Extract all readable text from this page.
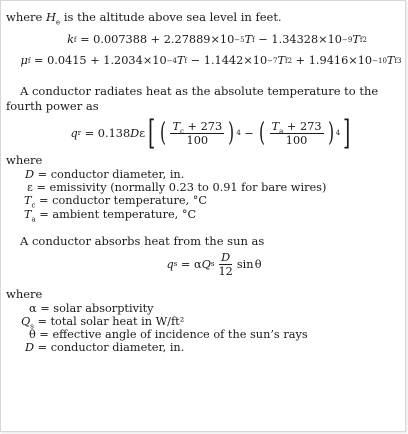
where $H_e$ is the altitude above sea level in feet.

k f = 0.007388 + 2.27889 ×10 −5 T f − 1.34328 ×10 −9 T f 2
μ f = 0.0415 + 1.2034 ×10 −4 T f − 1.1442 ×10 −7 T f 2 + 1.9416 ×10 −10 T f 3

A conductor radiates heat as the absolute temperature to the fourth power as

q r = 0.138 D ε [ ( $\frac{T_c + 273}{100}$ ) 4 − ( $\frac{T_a + 273}{100}$ ) 4 ]

where

D = conductor diameter, in.
ε = emissivity (normally 0.23 to 0.91 for bare wires)
$T_c$ = conductor temperature, °C
$T_a$ = ambient temperature, °C

A conductor absorbs heat from the sun as

q s = α Q s $\frac{D}{12}$ sin
  θ

where

α = solar absorptivity
$Q_s$ = total solar heat in W/ft²
θ = effective angle of incidence of the sun’s rays
D = conductor diameter, in.
